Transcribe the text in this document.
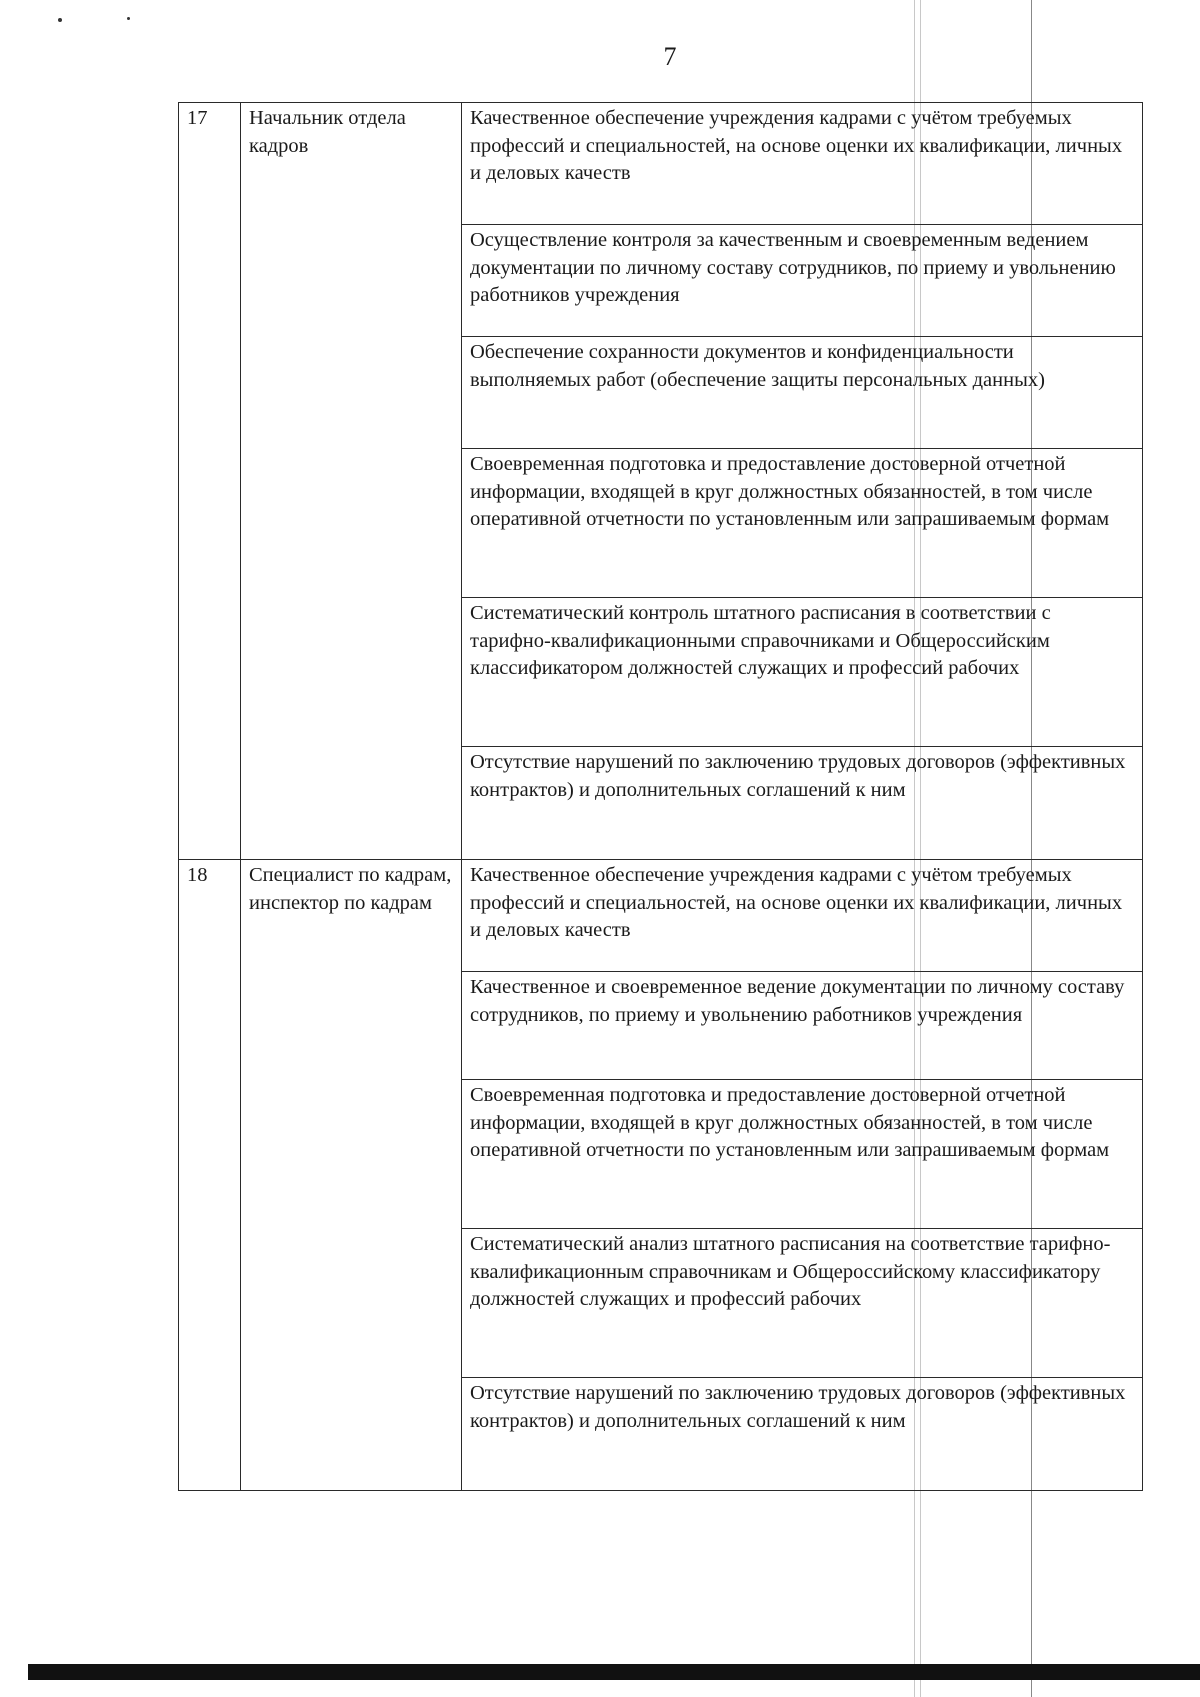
7
17	Начальник отдела кадров	Качественное обеспечение учреждения кадрами с учётом требуемых профессий и специальностей, на основе оценки их квалификации, личных и деловых качеств
		Осуществление контроля за качественным и своевременным ведением документации по личному составу сотрудников, по приему и увольнению работников учреждения
		Обеспечение сохранности документов и конфиденциальности выполняемых работ (обеспечение защиты персональных данных)
		Своевременная подготовка и предоставление достоверной отчетной информации, входящей в круг должностных обязанностей, в том числе оперативной отчетности по установленным или запрашиваемым формам
		Систематический контроль штатного расписания в соответствии с тарифно-квалификационными справочниками и Общероссийским классификатором должностей служащих и профессий рабочих
		Отсутствие нарушений по заключению трудовых договоров (эффективных контрактов) и дополнительных соглашений к ним
18	Специалист по кадрам, инспектор по кадрам	Качественное обеспечение учреждения кадрами с учётом требуемых профессий и специальностей, на основе оценки их квалификации, личных и деловых качеств
		Качественное и своевременное ведение документации по личному составу сотрудников, по приему и увольнению работников учреждения
		Своевременная подготовка и предоставление достоверной отчетной информации, входящей в круг должностных обязанностей, в том числе оперативной отчетности по установленным или запрашиваемым формам
		Систематический анализ штатного расписания на соответствие тарифно-квалификационным справочникам и Общероссийскому классификатору должностей служащих и профессий рабочих
		Отсутствие нарушений по заключению трудовых договоров (эффективных контрактов) и дополнительных соглашений к ним
